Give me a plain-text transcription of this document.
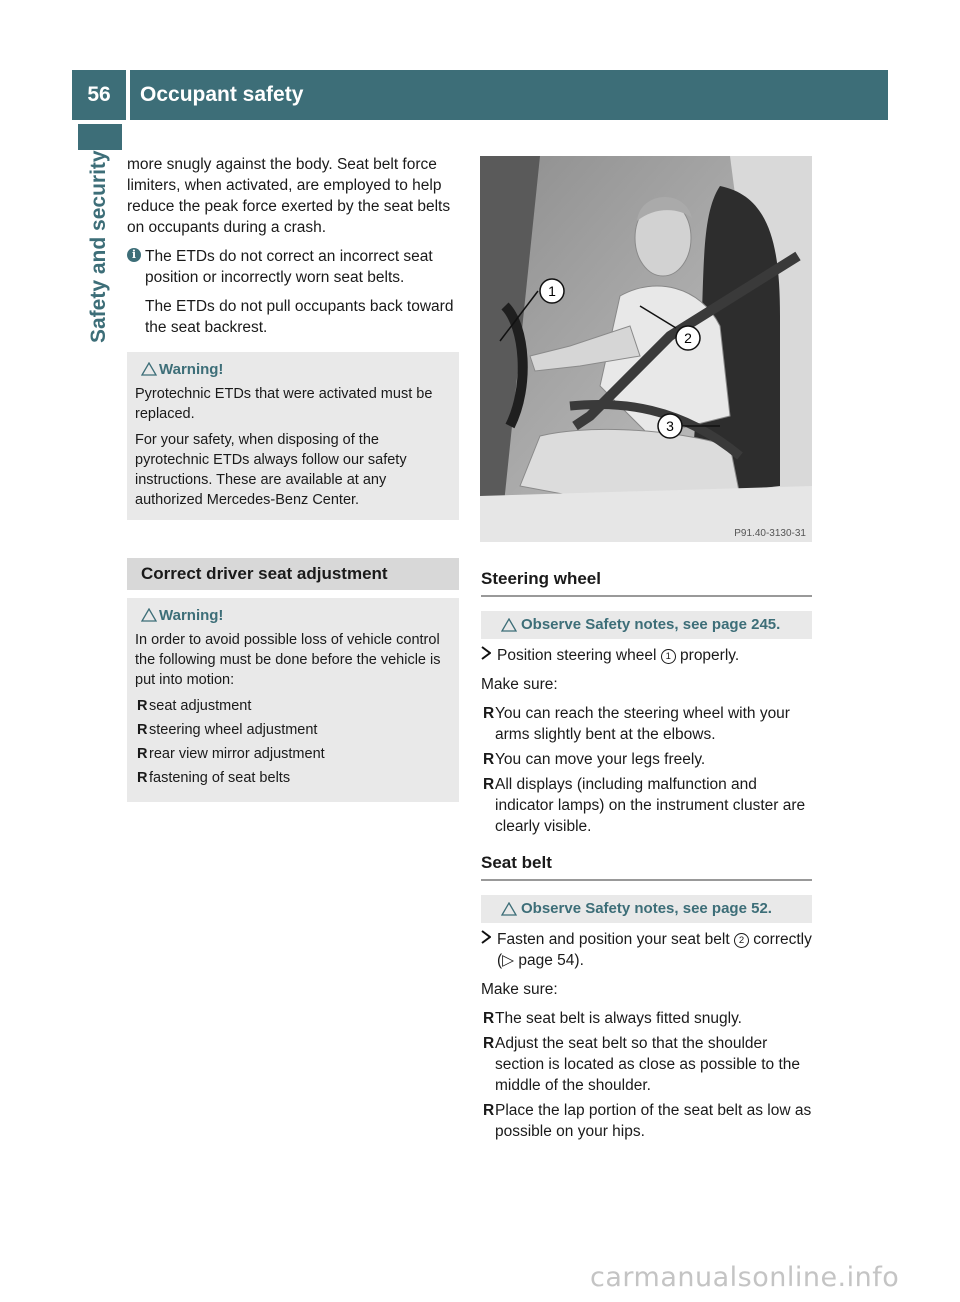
56	Occupant safety
Safety and security	more snugly against the body. Seat belt force limiters, when activated, are employed to help reduce the peak force exerted by the seat belts on occupants during a crash.

i The ETDs do not correct an incorrect seat position or incorrectly worn seat belts.

The ETDs do not pull occupants back toward the seat backrest.

Warning!

Pyrotechnic ETDs that were activated must be replaced.

For your safety, when disposing of the pyrotechnic ETDs always follow our safety instructions. These are available at any authorized Mercedes-Benz Center.

Correct driver seat adjustment
Warning!

In order to avoid possible loss of vehicle control the following must be done before the vehicle is put into motion:

R seat adjustment
R steering wheel adjustment
R rear view mirror adjustment
R fastening of seat belts
1
2
3
P91.40-3130-31
Steering wheel
Observe Safety notes, see page 245.

Position steering wheel 1 properly.

Make sure:

R You can reach the steering wheel with your arms slightly bent at the elbows.
R You can move your legs freely.
R All displays (including malfunction and indicator lamps) on the instrument cluster are clearly visible.
Seat belt
Observe Safety notes, see page 52.

Fasten and position your seat belt 2 correctly (▷ page 54).

Make sure:

R The seat belt is always fitted snugly.
R Adjust the seat belt so that the shoulder section is located as close as possible to the middle of the shoulder.
R Place the lap portion of the seat belt as low as possible on your hips.
carmanualsonline.info
